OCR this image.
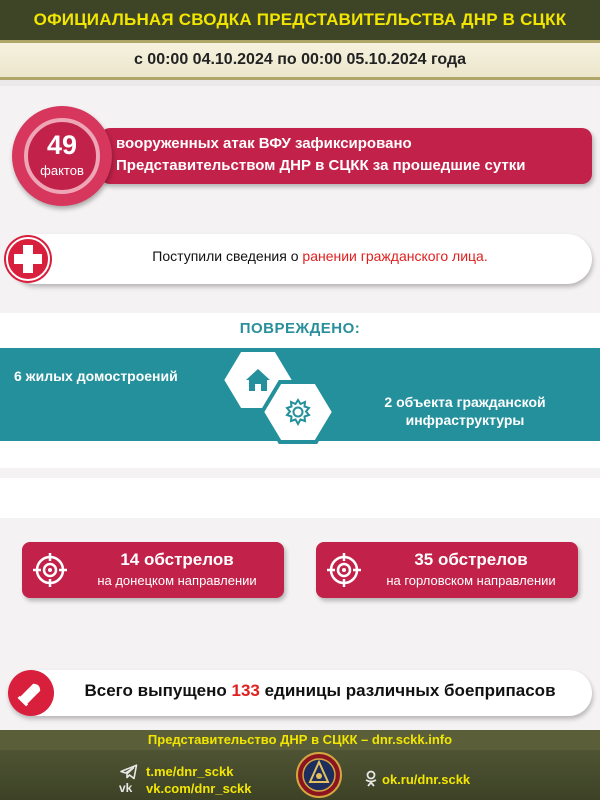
ОФИЦИАЛЬНАЯ СВОДКА ПРЕДСТАВИТЕЛЬСТВА ДНР В СЦКК
с 00:00 04.10.2024 по 00:00 05.10.2024 года
вооруженных атак ВФУ зафиксировано
Представительством ДНР в СЦКК за прошедшие сутки
49
фактов
Поступили сведения о ранении гражданского лица.
ПОВРЕЖДЕНО:
6 жилых домостроений
2 объекта гражданской
инфраструктуры
14 обстрелов
на донецком направлении
35 обстрелов
на горловском направлении
Всего выпущено 133 единицы различных боеприпасов
Представительство ДНР в СЦКК – dnr.sckk.info
t.me/dnr_sckk
vk vk.com/dnr_sckk
ok.ru/dnr.sckk
